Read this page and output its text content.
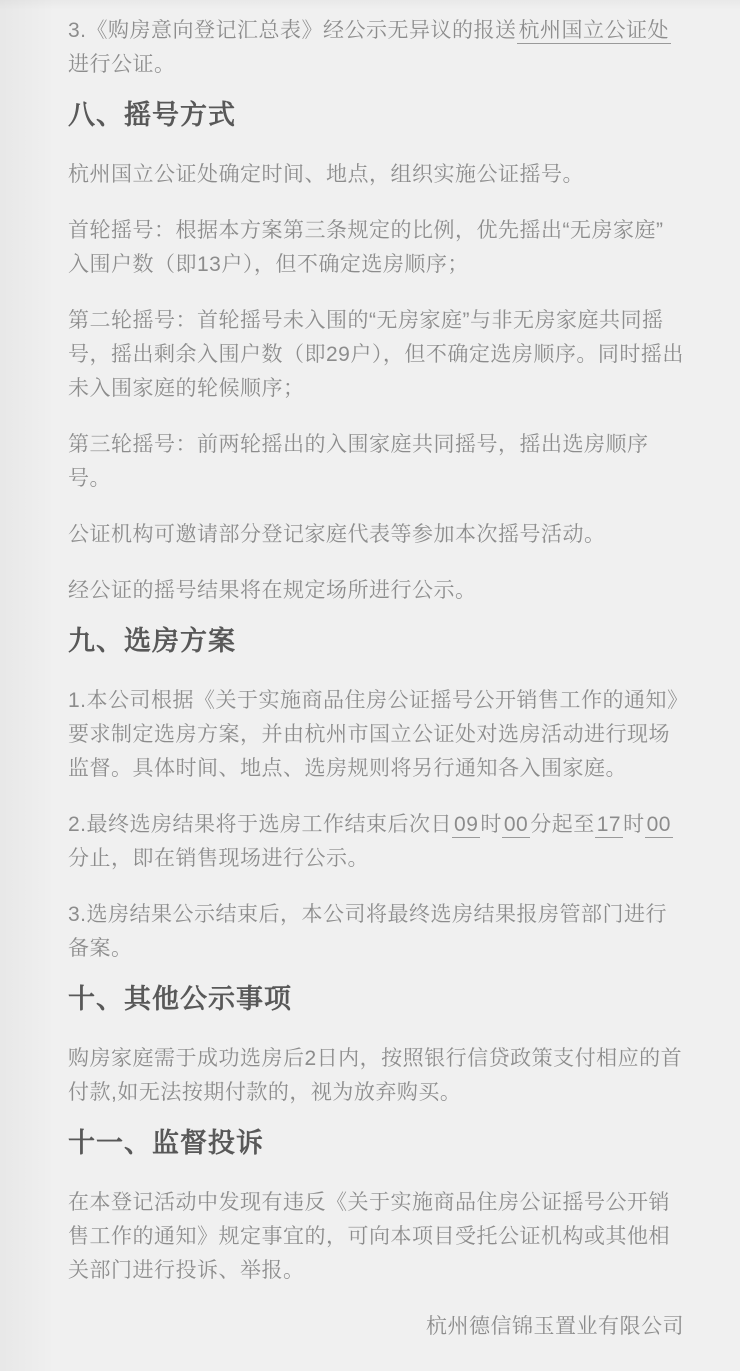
3.《购房意向登记汇总表》经公示无异议的报送杭州国立公证处进行公证。

八、摇号方式

杭州国立公证处确定时间、地点，组织实施公证摇号。

首轮摇号：根据本方案第三条规定的比例，优先摇出“无房家庭”入围户数（即13户），但不确定选房顺序；

第二轮摇号：首轮摇号未入围的“无房家庭”与非无房家庭共同摇号，摇出剩余入围户数（即29户），但不确定选房顺序。同时摇出未入围家庭的轮候顺序；

第三轮摇号：前两轮摇出的入围家庭共同摇号，摇出选房顺序号。

公证机构可邀请部分登记家庭代表等参加本次摇号活动。

经公证的摇号结果将在规定场所进行公示。

九、选房方案

1.本公司根据《关于实施商品住房公证摇号公开销售工作的通知》要求制定选房方案，并由杭州市国立公证处对选房活动进行现场监督。具体时间、地点、选房规则将另行通知各入围家庭。

2.最终选房结果将于选房工作结束后次日09时00分起至17时00分止，即在销售现场进行公示。

3.选房结果公示结束后，本公司将最终选房结果报房管部门进行备案。

十、其他公示事项

购房家庭需于成功选房后2日内，按照银行信贷政策支付相应的首付款,如无法按期付款的，视为放弃购买。

十一、监督投诉

在本登记活动中发现有违反《关于实施商品住房公证摇号公开销售工作的通知》规定事宜的，可向本项目受托公证机构或其他相关部门进行投诉、举报。

杭州德信锦玉置业有限公司
